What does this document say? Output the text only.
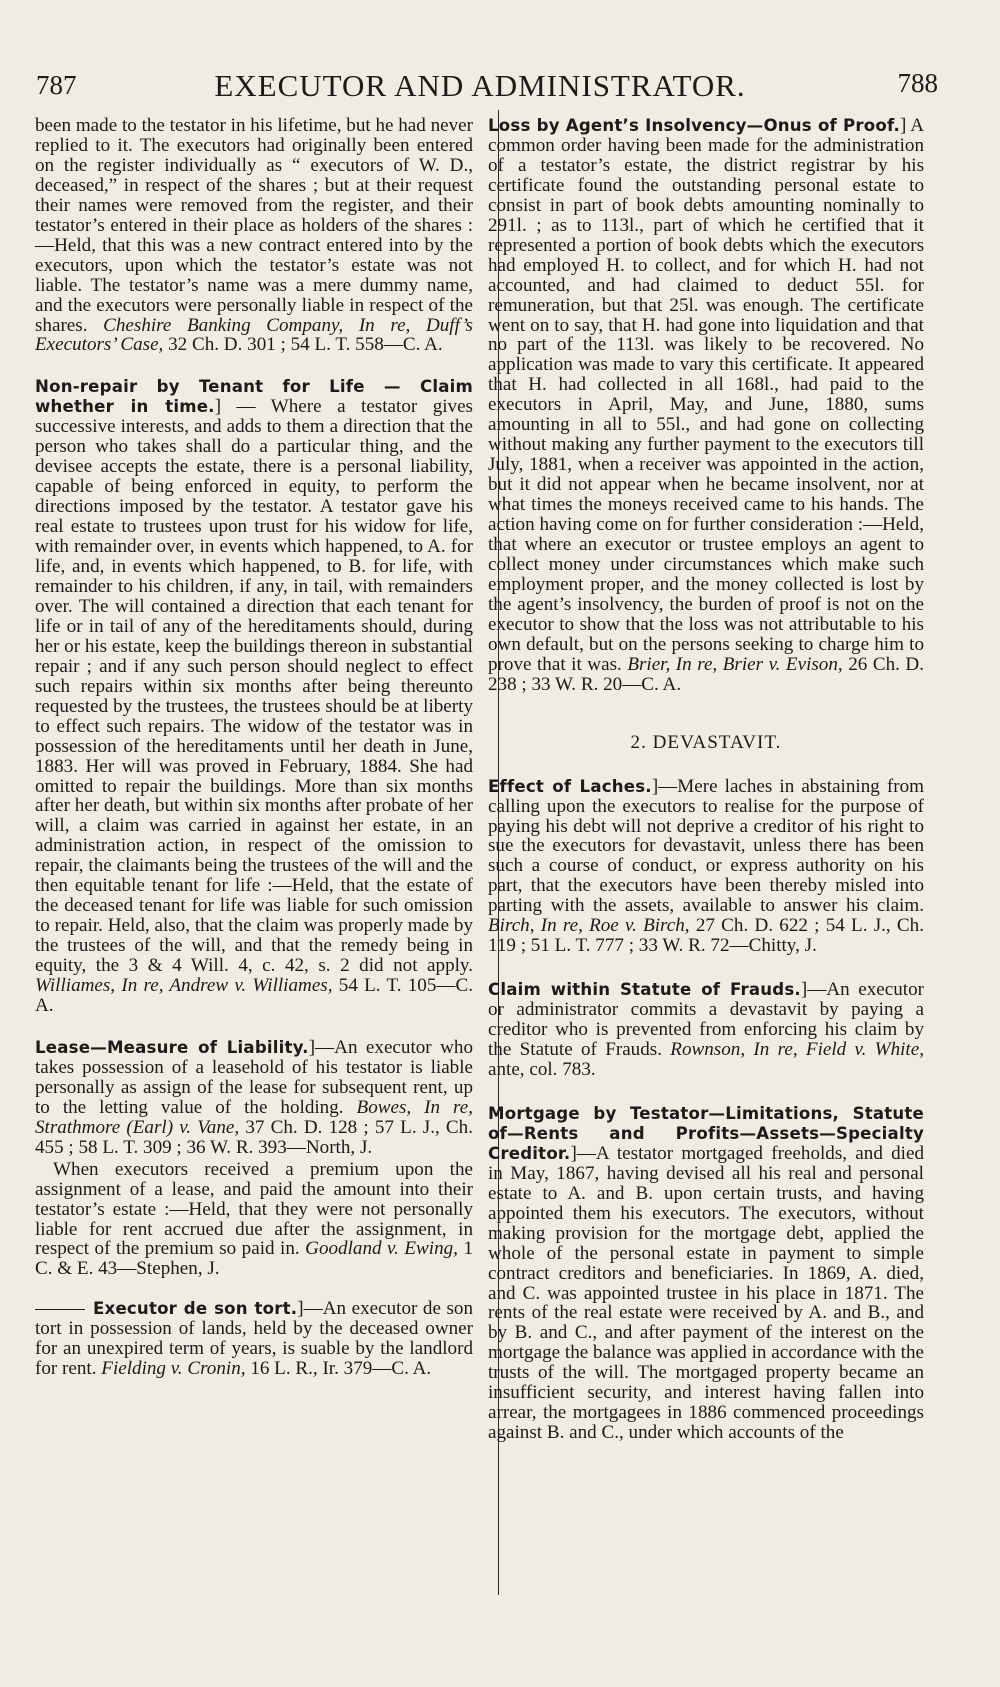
787	EXECUTOR AND ADMINISTRATOR.	788

been made to the testator in his lifetime, but he had never replied to it. The executors had originally been entered on the register individually as “ executors of W. D., deceased,” in respect of the shares ; but at their request their names were removed from the register, and their testator’s entered in their place as holders of the shares :—Held, that this was a new contract entered into by the executors, upon which the testator’s estate was not liable. The testator’s name was a mere dummy name, and the executors were personally liable in respect of the shares. Cheshire Banking Company, In re, Duff’s Executors’ Case, 32 Ch. D. 301 ; 54 L. T. 558—C. A.

Non-repair by Tenant for Life — Claim whether in time.] — Where a testator gives successive interests, and adds to them a direction that the person who takes shall do a particular thing, and the devisee accepts the estate, there is a personal liability, capable of being enforced in equity, to perform the directions imposed by the testator. A testator gave his real estate to trustees upon trust for his widow for life, with remainder over, in events which happened, to A. for life, and, in events which happened, to B. for life, with remainder to his children, if any, in tail, with remainders over. The will contained a direction that each tenant for life or in tail of any of the hereditaments should, during her or his estate, keep the buildings thereon in substantial repair ; and if any such person should neglect to effect such repairs within six months after being thereunto requested by the trustees, the trustees should be at liberty to effect such repairs. The widow of the testator was in possession of the hereditaments until her death in June, 1883. Her will was proved in February, 1884. She had omitted to repair the buildings. More than six months after her death, but within six months after probate of her will, a claim was carried in against her estate, in an administration action, in respect of the omission to repair, the claimants being the trustees of the will and the then equitable tenant for life :—Held, that the estate of the deceased tenant for life was liable for such omission to repair. Held, also, that the claim was properly made by the trustees of the will, and that the remedy being in equity, the 3 & 4 Will. 4, c. 42, s. 2 did not apply. Williames, In re, Andrew v. Williames, 54 L. T. 105—C. A.

Lease—Measure of Liability.]—An executor who takes possession of a leasehold of his testator is liable personally as assign of the lease for subsequent rent, up to the letting value of the holding. Bowes, In re, Strathmore (Earl) v. Vane, 37 Ch. D. 128 ; 57 L. J., Ch. 455 ; 58 L. T. 309 ; 36 W. R. 393—North, J.

When executors received a premium upon the assignment of a lease, and paid the amount into their testator’s estate :—Held, that they were not personally liable for rent accrued due after the assignment, in respect of the premium so paid in. Goodland v. Ewing, 1 C. & E. 43—Stephen, J.

Executor de son tort.]—An executor de son tort in possession of lands, held by the deceased owner for an unexpired term of years, is suable by the landlord for rent. Fielding v. Cronin, 16 L. R., Ir. 379—C. A.

Loss by Agent’s Insolvency—Onus of Proof.] A common order having been made for the administration of a testator’s estate, the district registrar by his certificate found the outstanding personal estate to consist in part of book debts amounting nominally to 291l. ; as to 113l., part of which he certified that it represented a portion of book debts which the executors had employed H. to collect, and for which H. had not accounted, and had claimed to deduct 55l. for remuneration, but that 25l. was enough. The certificate went on to say, that H. had gone into liquidation and that no part of the 113l. was likely to be recovered. No application was made to vary this certificate. It appeared that H. had collected in all 168l., had paid to the executors in April, May, and June, 1880, sums amounting in all to 55l., and had gone on collecting without making any further payment to the executors till July, 1881, when a receiver was appointed in the action, but it did not appear when he became insolvent, nor at what times the moneys received came to his hands. The action having come on for further consideration :—Held, that where an executor or trustee employs an agent to collect money under circumstances which make such employment proper, and the money collected is lost by the agent’s insolvency, the burden of proof is not on the executor to show that the loss was not attributable to his own default, but on the persons seeking to charge him to prove that it was. Brier, In re, Brier v. Evison, 26 Ch. D. 238 ; 33 W. R. 20—C. A.

2. DEVASTAVIT.

Effect of Laches.]—Mere laches in abstaining from calling upon the executors to realise for the purpose of paying his debt will not deprive a creditor of his right to sue the executors for devastavit, unless there has been such a course of conduct, or express authority on his part, that the executors have been thereby misled into parting with the assets, available to answer his claim. Birch, In re, Roe v. Birch, 27 Ch. D. 622 ; 54 L. J., Ch. 119 ; 51 L. T. 777 ; 33 W. R. 72—Chitty, J.

Claim within Statute of Frauds.]—An executor or administrator commits a devastavit by paying a creditor who is prevented from enforcing his claim by the Statute of Frauds. Rownson, In re, Field v. White, ante, col. 783.

Mortgage by Testator—Limitations, Statute of—Rents and Profits—Assets—Specialty Creditor.]—A testator mortgaged freeholds, and died in May, 1867, having devised all his real and personal estate to A. and B. upon certain trusts, and having appointed them his executors. The executors, without making provision for the mortgage debt, applied the whole of the personal estate in payment to simple contract creditors and beneficiaries. In 1869, A. died, and C. was appointed trustee in his place in 1871. The rents of the real estate were received by A. and B., and by B. and C., and after payment of the interest on the mortgage the balance was applied in accordance with the trusts of the will. The mortgaged property became an insufficient security, and interest having fallen into arrear, the mortgagees in 1886 commenced proceedings against B. and C., under which accounts of the
